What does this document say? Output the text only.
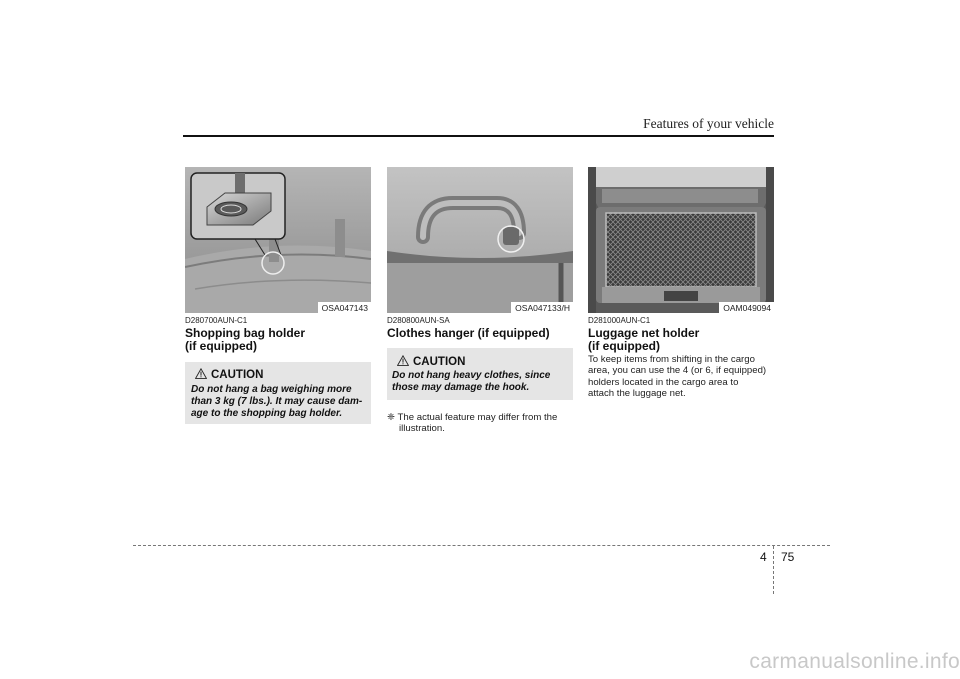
Features of your vehicle
OSA047143	OSA047133/H	OAM049094
D280700AUN-C1
Shopping bag holder
(if equipped)
CAUTION
Do not hang a bag weighing more
than 3 kg (7 lbs.). It may cause dam-
age to the shopping bag holder.
D280800AUN-SA
Clothes hanger (if equipped)
CAUTION
Do not hang heavy clothes, since
those may damage the hook.
❈ The actual feature may differ from the
illustration.
D281000AUN-C1
Luggage net holder
(if equipped)
To keep items from shifting in the cargo
area, you can use the 4 (or 6, if equipped)
holders located in the cargo area to
attach the luggage net.
4 75
carmanualsonline.info
